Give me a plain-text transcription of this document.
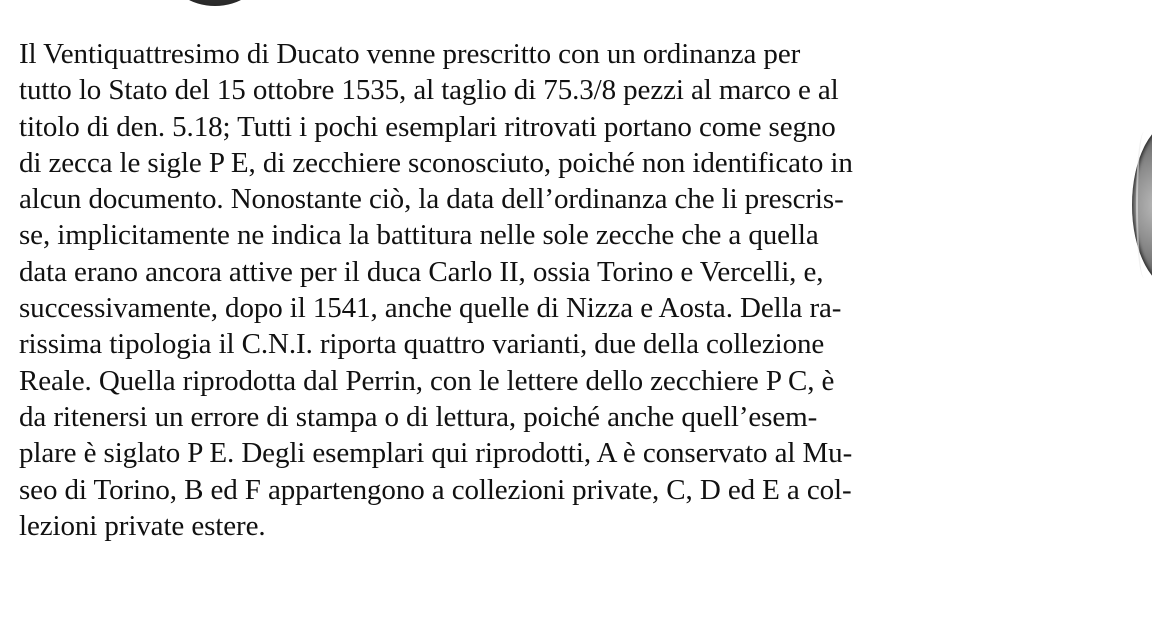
Il Ventiquattresimo di Ducato venne prescritto con un ordinanza per
tutto lo Stato del 15 ottobre 1535, al taglio di 75.3/8 pezzi al marco e al
titolo di den. 5.18; Tutti i pochi esemplari ritrovati portano come segno
di zecca le sigle P E, di zecchiere sconosciuto, poiché non identificato in
alcun documento. Nonostante ciò, la data dell’ordinanza che li prescris-
se, implicitamente ne indica la battitura nelle sole zecche che a quella
data erano ancora attive per il duca Carlo II, ossia Torino e Vercelli, e,
successivamente, dopo il 1541, anche quelle di Nizza e Aosta. Della ra-
rissima tipologia il C.N.I. riporta quattro varianti, due della collezione
Reale. Quella riprodotta dal Perrin, con le lettere dello zecchiere P C, è
da ritenersi un errore di stampa o di lettura, poiché anche quell’esem-
plare è siglato P E. Degli esemplari qui riprodotti, A è conservato al Mu-
seo di Torino, B ed F appartengono a collezioni private, C, D ed E a col-
lezioni private estere.
